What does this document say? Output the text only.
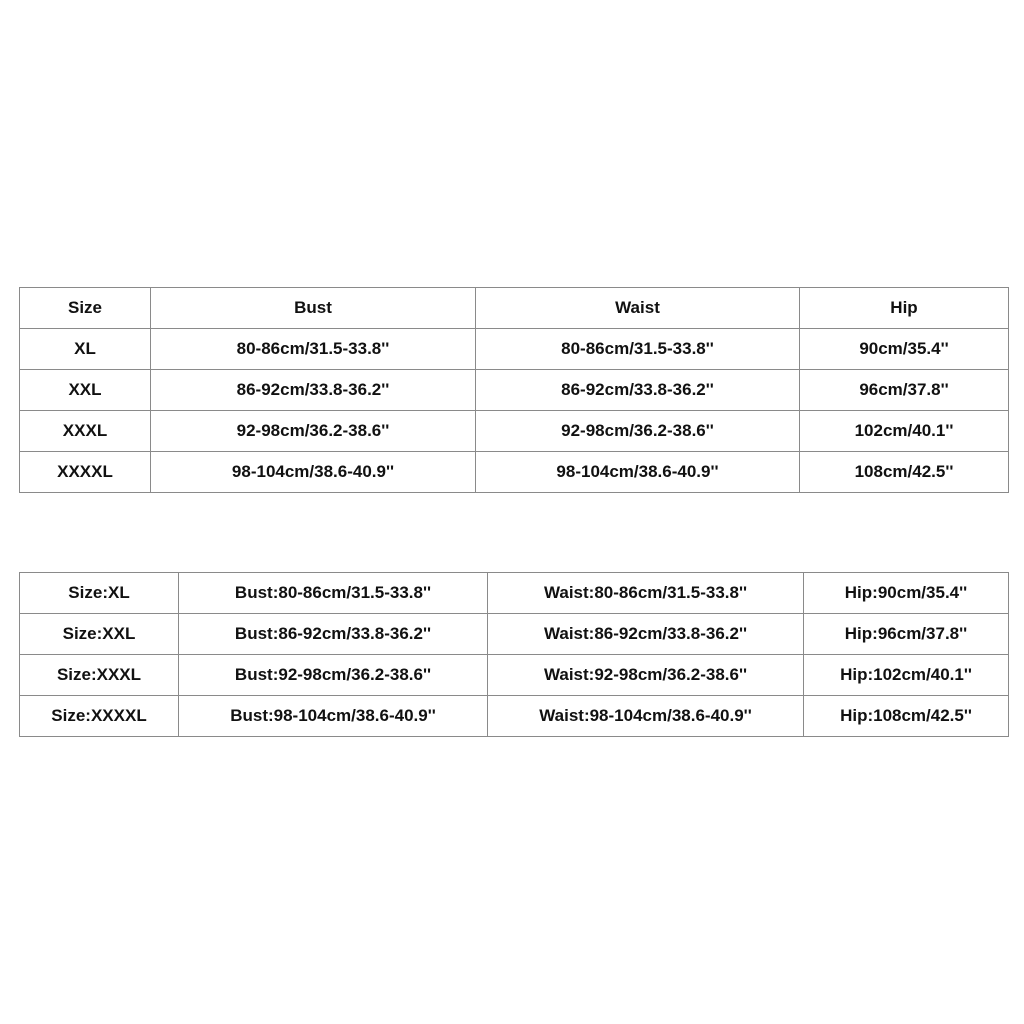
Size	Bust	Waist	Hip
XL	80-86cm/31.5-33.8''	80-86cm/31.5-33.8''	90cm/35.4''
XXL	86-92cm/33.8-36.2''	86-92cm/33.8-36.2''	96cm/37.8''
XXXL	92-98cm/36.2-38.6''	92-98cm/36.2-38.6''	102cm/40.1''
XXXXL	98-104cm/38.6-40.9''	98-104cm/38.6-40.9''	108cm/42.5''
Size:XL	Bust:80-86cm/31.5-33.8''	Waist:80-86cm/31.5-33.8''	Hip:90cm/35.4''
Size:XXL	Bust:86-92cm/33.8-36.2''	Waist:86-92cm/33.8-36.2''	Hip:96cm/37.8''
Size:XXXL	Bust:92-98cm/36.2-38.6''	Waist:92-98cm/36.2-38.6''	Hip:102cm/40.1''
Size:XXXXL	Bust:98-104cm/38.6-40.9''	Waist:98-104cm/38.6-40.9''	Hip:108cm/42.5''
